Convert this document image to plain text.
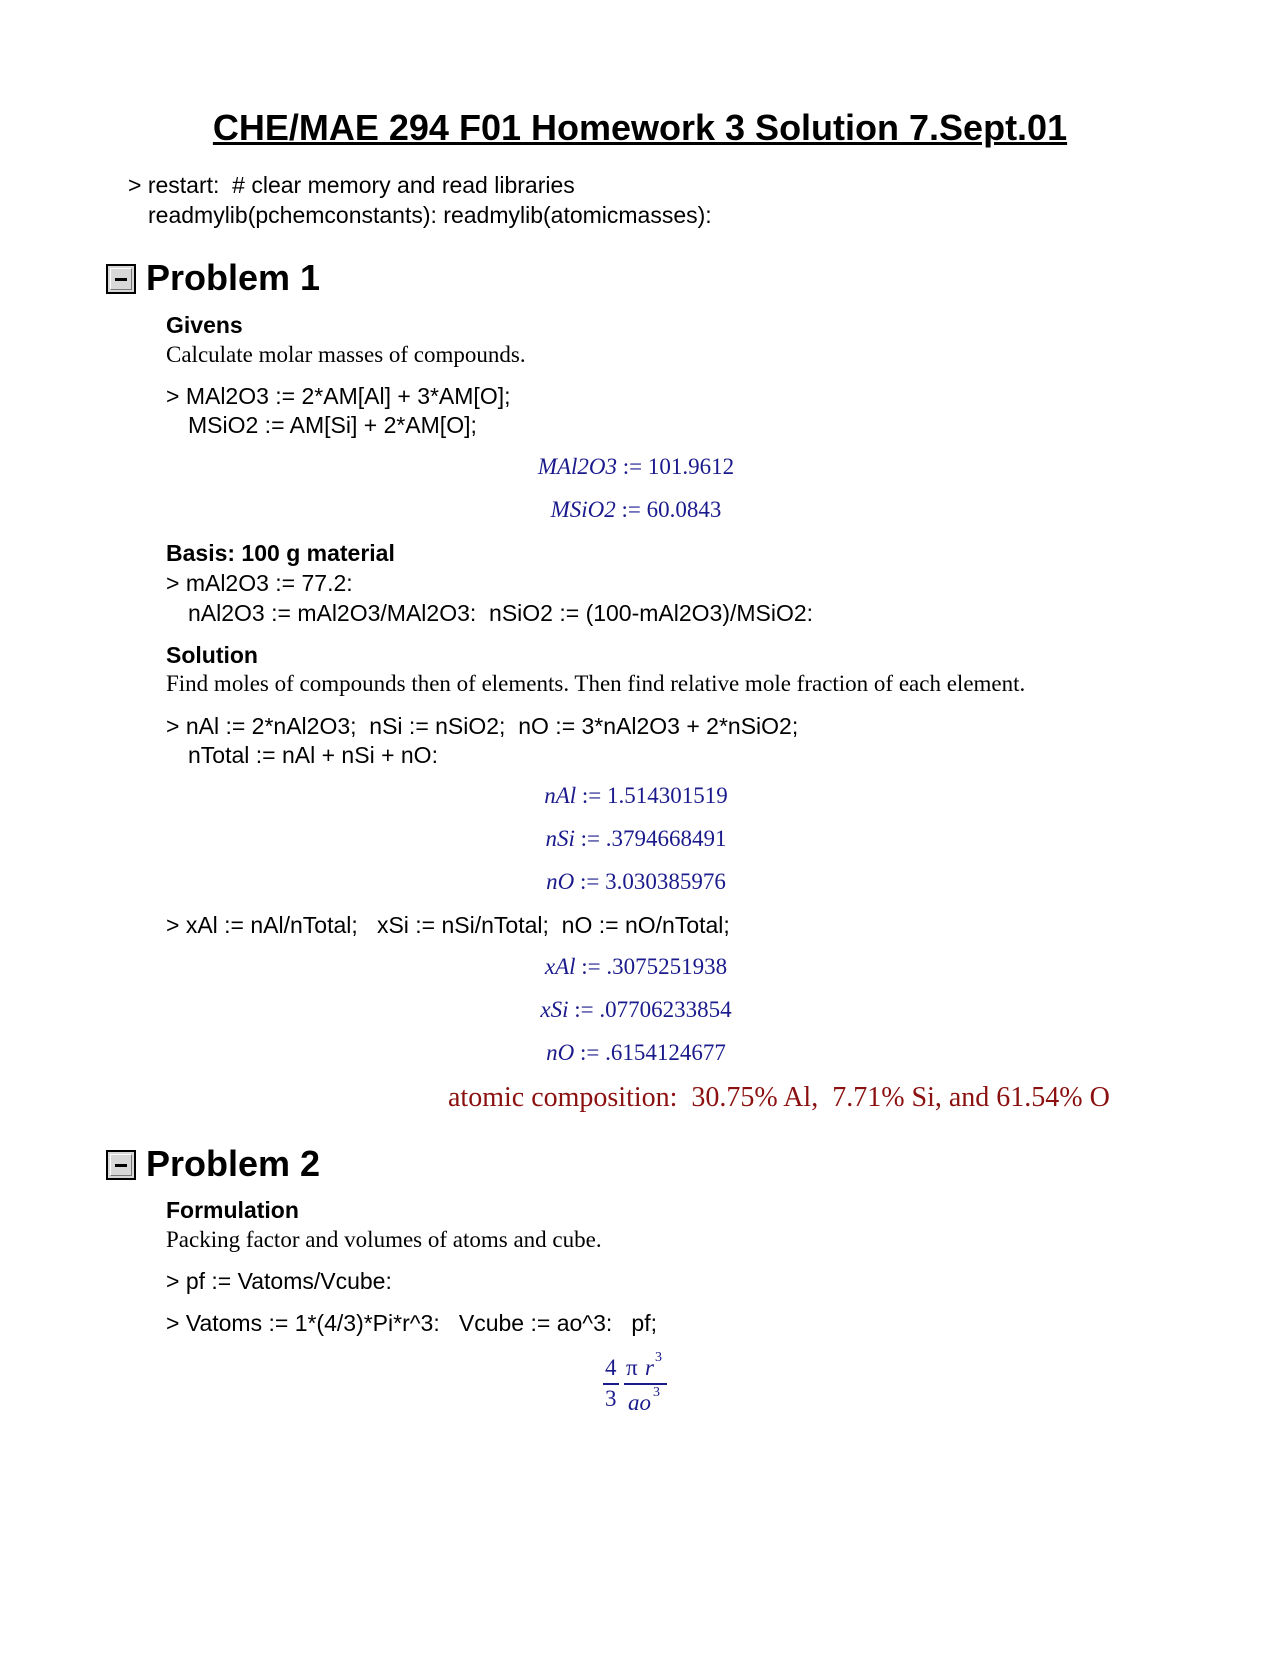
CHE/MAE 294 F01 Homework 3 Solution 7.Sept.01
> restart:  # clear memory and read libraries
readmylib(pchemconstants): readmylib(atomicmasses):
Problem 1
Givens
Calculate molar masses of compounds.
> MAl2O3 := 2*AM[Al] + 3*AM[O];
MSiO2 := AM[Si] + 2*AM[O];
MAl2O3 := 101.9612
MSiO2 := 60.0843
Basis: 100 g material
> mAl2O3 := 77.2:
nAl2O3 := mAl2O3/MAl2O3:  nSiO2 := (100-mAl2O3)/MSiO2:
Solution
Find moles of compounds then of elements. Then find relative mole fraction of each element.
> nAl := 2*nAl2O3;  nSi := nSiO2;  nO := 3*nAl2O3 + 2*nSiO2;
nTotal := nAl + nSi + nO:
nAl := 1.514301519
nSi := .3794668491
nO := 3.030385976
> xAl := nAl/nTotal;   xSi := nSi/nTotal;  nO := nO/nTotal;
xAl := .3075251938
xSi := .07706233854
nO := .6154124677
atomic composition:  30.75% Al,  7.71% Si, and 61.54% O
Problem 2
Formulation
Packing factor and volumes of atoms and cube.
> pf := Vatoms/Vcube:
> Vatoms := 1*(4/3)*Pi*r^3:   Vcube := ao^3:   pf;
4
3
π r 3
ao 3
